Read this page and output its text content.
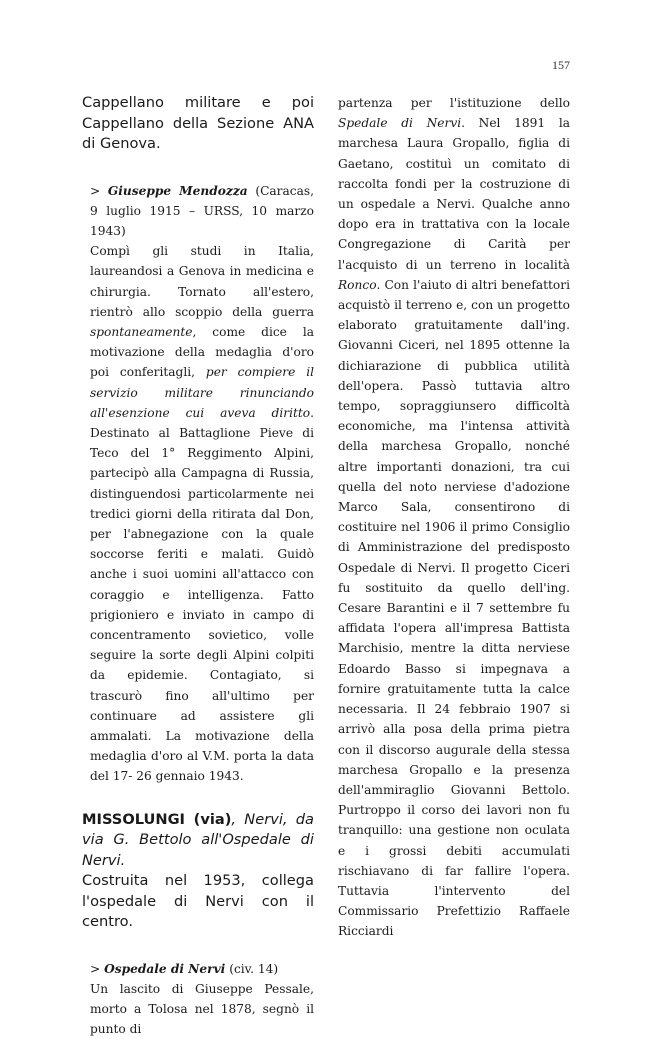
157

Cappellano militare e poi Cappellano della Sezione ANA di Genova.

> Giuseppe Mendozza (Caracas, 9 luglio 1915 – URSS, 10 marzo 1943)

Compì gli studi in Italia, laureandosi a Genova in medicina e chirurgia. Tornato all'estero, rientrò allo scoppio della guerra spontaneamente, come dice la motivazione della medaglia d'oro poi conferitagli, per compiere il servizio militare rinunciando all'esenzione cui aveva diritto. Destinato al Battaglione Pieve di Teco del 1° Reggimento Alpini, partecipò alla Campagna di Russia, distinguendosi particolarmente nei tredici giorni della ritirata dal Don, per l'abnegazione con la quale soccorse feriti e malati. Guidò anche i suoi uomini all'attacco con coraggio e intelligenza. Fatto prigioniero e inviato in campo di concentramento sovietico, volle seguire la sorte degli Alpini colpiti da epidemie. Contagiato, si trascurò fino all'ultimo per continuare ad assistere gli ammalati. La motivazione della medaglia d'oro al V.M. porta la data del 17- 26 gennaio 1943.

MISSOLUNGI (via), Nervi, da via G. Bettolo all'Ospedale di Nervi.

Costruita nel 1953, collega l'ospedale di Nervi con il centro.

> Ospedale di Nervi (civ. 14)

Un lascito di Giuseppe Pessale, morto a Tolosa nel 1878, segnò il punto di

partenza per l'istituzione dello Spedale di Nervi. Nel 1891 la marchesa Laura Gropallo, figlia di Gaetano, costituì un comitato di raccolta fondi per la costruzione di un ospedale a Nervi. Qualche anno dopo era in trattativa con la locale Congregazione di Carità per l'acquisto di un terreno in località Ronco. Con l'aiuto di altri benefattori acquistò il terreno e, con un progetto elaborato gratuitamente dall'ing. Giovanni Ciceri, nel 1895 ottenne la dichiarazione di pubblica utilità dell'opera. Passò tuttavia altro tempo, sopraggiunsero difficoltà economiche, ma l'intensa attività della marchesa Gropallo, nonché altre importanti donazioni, tra cui quella del noto nerviese d'adozione Marco Sala, consentirono di costituire nel 1906 il primo Consiglio di Amministrazione del predisposto Ospedale di Nervi. Il progetto Ciceri fu sostituito da quello dell'ing. Cesare Barantini e il 7 settembre fu affidata l'opera all'impresa Battista Marchisio, mentre la ditta nerviese Edoardo Basso si impegnava a fornire gratuitamente tutta la calce necessaria. Il 24 febbraio 1907 si arrivò alla posa della prima pietra con il discorso augurale della stessa marchesa Gropallo e la presenza dell'ammiraglio Giovanni Bettolo. Purtroppo il corso dei lavori non fu tranquillo: una gestione non oculata e i grossi debiti accumulati rischiavano di far fallire l'opera. Tuttavia l'intervento del Commissario Prefettizio Raffaele Ricciardi
